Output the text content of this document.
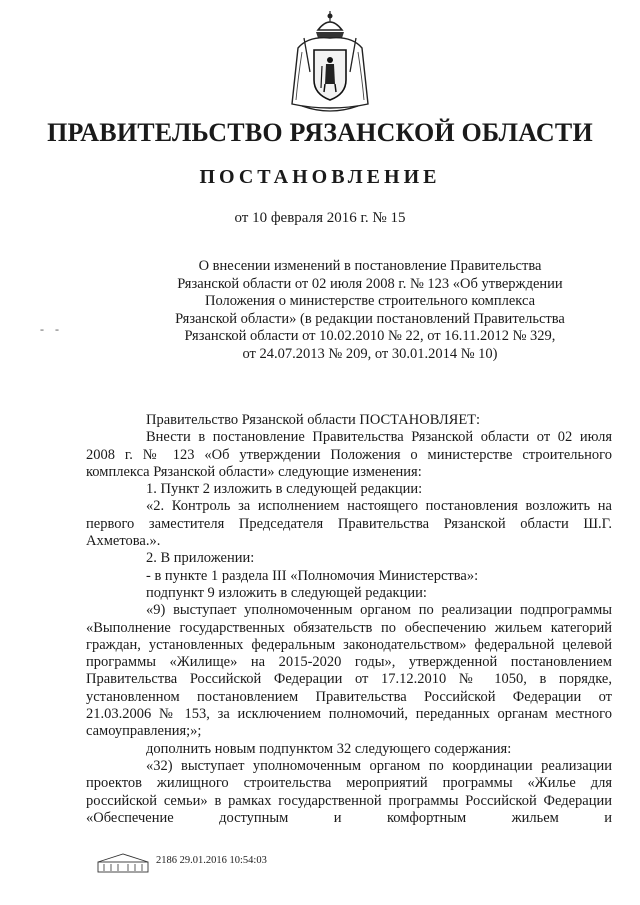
ПРАВИТЕЛЬСТВО РЯЗАНСКОЙ ОБЛАСТИ
ПОСТАНОВЛЕНИЕ
от 10 февраля 2016 г. № 15
- -
О внесении изменений в постановление Правительства
Рязанской области от 02 июля 2008 г. № 123 «Об утверждении
Положения о министерстве строительного комплекса
Рязанской области» (в редакции постановлений Правительства
Рязанской области от 10.02.2010 № 22, от 16.11.2012 № 329,
от 24.07.2013 № 209, от 30.01.2014 № 10)

Правительство Рязанской области ПОСТАНОВЛЯЕТ:

Внести в постановление Правительства Рязанской области от 02 июля 2008 г. № 123 «Об утверждении Положения о министерстве строительного комплекса Рязанской области» следующие изменения:

1. Пункт 2 изложить в следующей редакции:

«2. Контроль за исполнением настоящего постановления возложить на первого заместителя Председателя Правительства Рязанской области Ш.Г. Ахметова.».

2. В приложении:

- в пункте 1 раздела III «Полномочия Министерства»:

подпункт 9 изложить в следующей редакции:

«9) выступает уполномоченным органом по реализации подпрограммы «Выполнение государственных обязательств по обеспечению жильем категорий граждан, установленных федеральным законодательством» федеральной целевой программы «Жилище» на 2015-2020 годы», утвержденной постановлением Правительства Российской Федерации от 17.12.2010 № 1050, в порядке, установленном постановлением Правительства Российской Федерации от 21.03.2006 № 153, за исключением полномочий, переданных органам местного самоуправления;»;

дополнить новым подпунктом 32 следующего содержания:

«32) выступает уполномоченным органом по координации реализации проектов жилищного строительства мероприятий программы «Жилье для российской семьи» в рамках государственной программы Российской Федерации «Обеспечение доступным и комфортным жильем и

2186 29.01.2016 10:54:03
